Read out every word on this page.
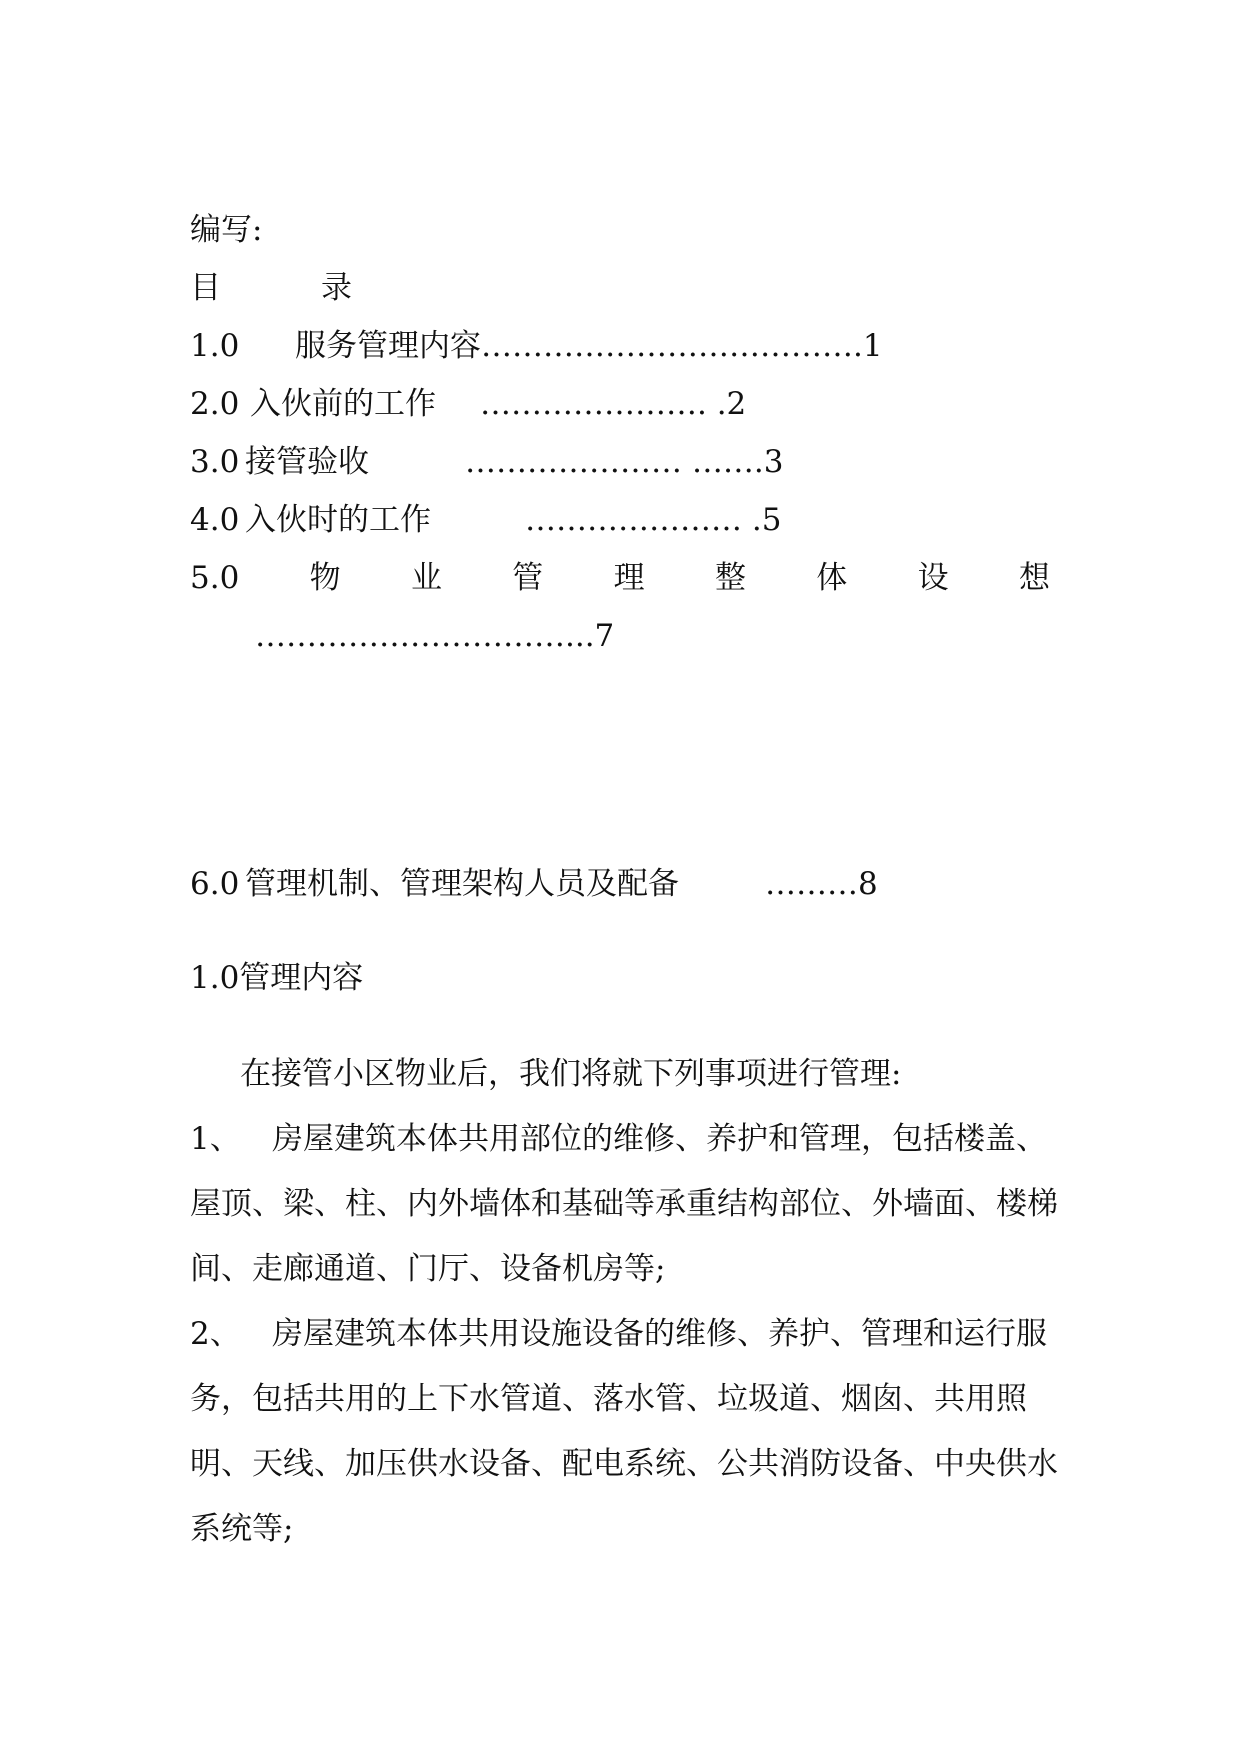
编写:
目	录
1.0 服务管理内容……………………………….1
2.0 入伙前的工作 …………………. .2
3.0 接管验收	………………… …….3
4.0 入伙时的工作	………………… .5
5.0 物 业 管 理 整 体 设 想
…………………………...7
6.0 管理机制、管理架构人员及配备	………8
1.0管理内容

在接管小区物业后，我们将就下列事项进行管理:

1、 房屋建筑本体共用部位的维修、养护和管理，包括楼盖、屋顶、梁、柱、内外墙体和基础等承重结构部位、外墙面、楼梯间、走廊通道、门厅、设备机房等;

2、 房屋建筑本体共用设施设备的维修、养护、管理和运行服务，包括共用的上下水管道、落水管、垃圾道、烟囱、共用照明、天线、加压供水设备、配电系统、公共消防设备、中央供水系统等;
